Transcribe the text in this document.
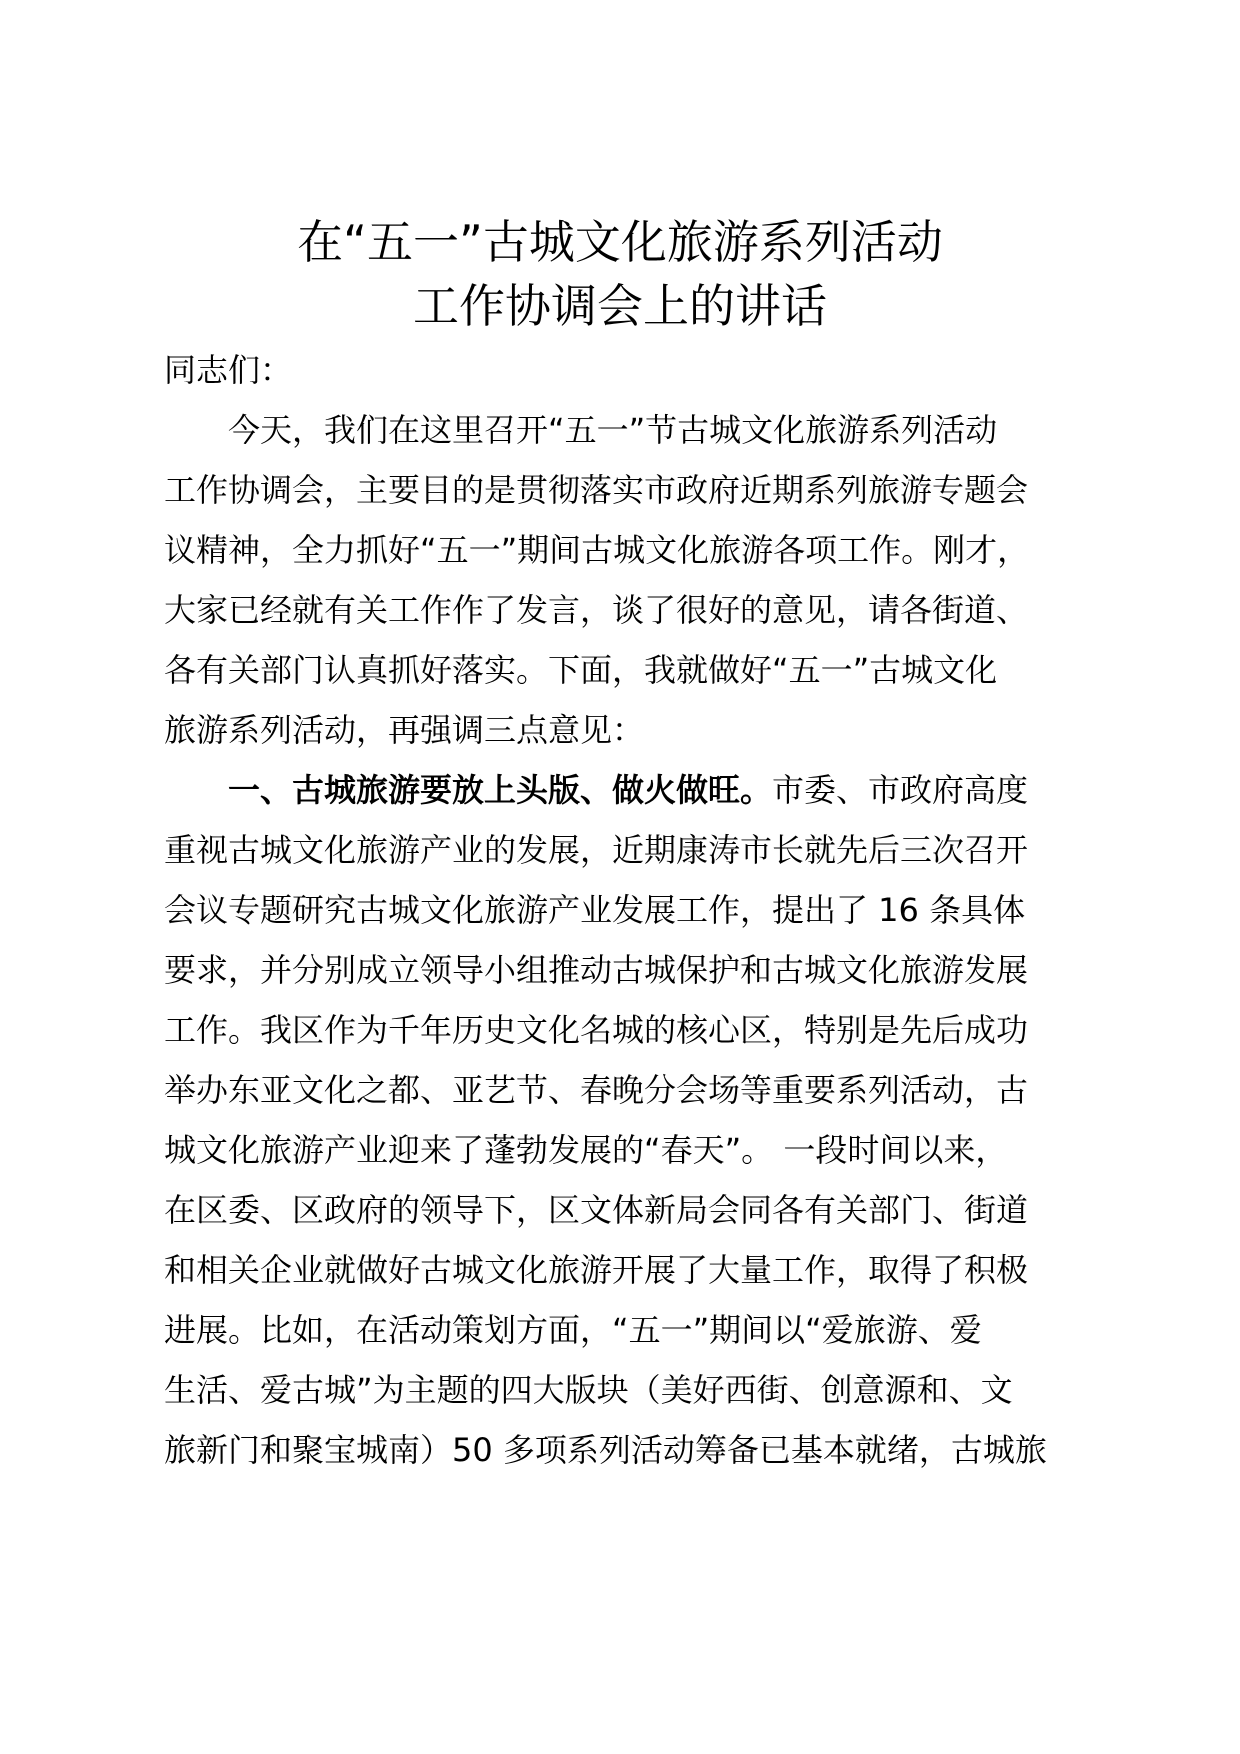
在“五一”古城文化旅游系列活动
工作协调会上的讲话
同志们：
今天，我们在这里召开“五一”节古城文化旅游系列活动
工作协调会，主要目的是贯彻落实市政府近期系列旅游专题会
议精神，全力抓好“五一”期间古城文化旅游各项工作。刚才，
大家已经就有关工作作了发言，谈了很好的意见，请各街道、
各有关部门认真抓好落实。下面，我就做好“五一”古城文化
旅游系列活动，再强调三点意见：
一、古城旅游要放上头版、做火做旺。市委、市政府高度
重视古城文化旅游产业的发展，近期康涛市长就先后三次召开
会议专题研究古城文化旅游产业发展工作，提出了 16 条具体
要求，并分别成立领导小组推动古城保护和古城文化旅游发展
工作。我区作为千年历史文化名城的核心区，特别是先后成功
举办东亚文化之都、亚艺节、春晚分会场等重要系列活动，古
城文化旅游产业迎来了蓬勃发展的“春天”。 一段时间以来，
在区委、区政府的领导下，区文体新局会同各有关部门、街道
和相关企业就做好古城文化旅游开展了大量工作，取得了积极
进展。比如，在活动策划方面，“五一”期间以“爱旅游、爱
生活、爱古城”为主题的四大版块（美好西街、创意源和、文
旅新门和聚宝城南）50 多项系列活动筹备已基本就绪，古城旅
